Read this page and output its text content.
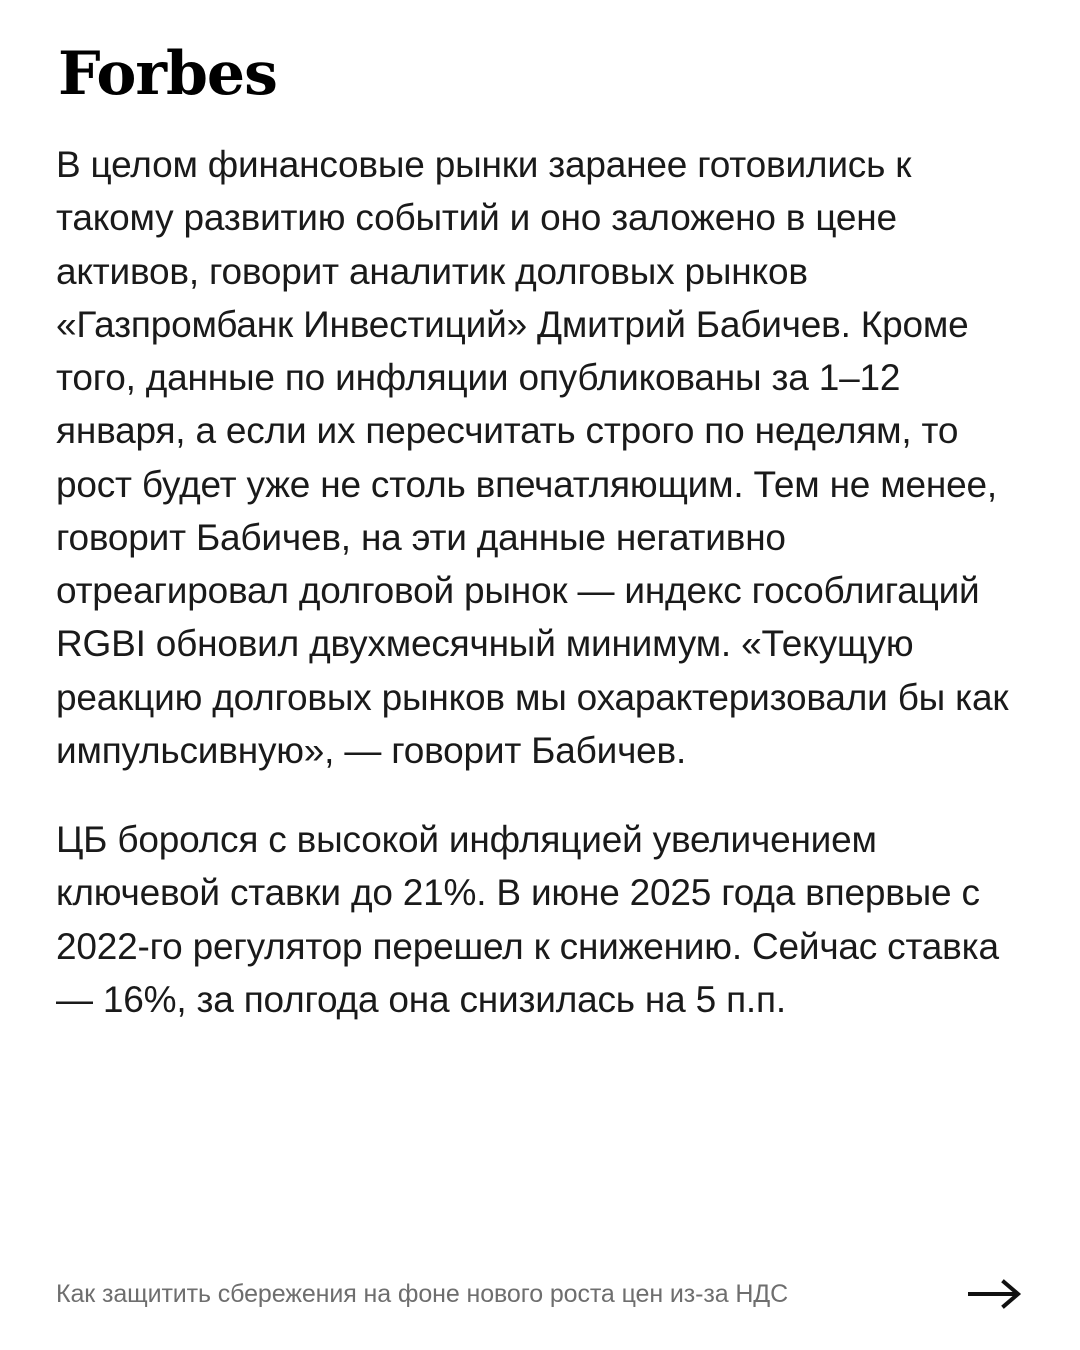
Forbes

В целом финансовые рынки заранее готовились к такому развитию событий и оно заложено в цене активов, говорит аналитик долговых рынков «Газпромбанк Инвестиций» Дмитрий Бабичев. Кроме того, данные по инфляции опубликованы за 1–12 января, а если их пересчитать строго по неделям, то рост будет уже не столь впечатляющим. Тем не менее, говорит Бабичев, на эти данные негативно отреагировал долговой рынок — индекс гособлигаций RGBI обновил двухмесячный минимум. «Текущую реакцию долговых рынков мы охарактеризовали бы как импульсивную», — говорит Бабичев.

ЦБ боролся с высокой инфляцией увеличением ключевой ставки до 21%. В июне 2025 года впервые с 2022-го регулятор перешел к снижению. Сейчас ставка — 16%, за полгода она снизилась на 5 п.п.

Как защитить сбережения на фоне нового роста цен из-за НДС
